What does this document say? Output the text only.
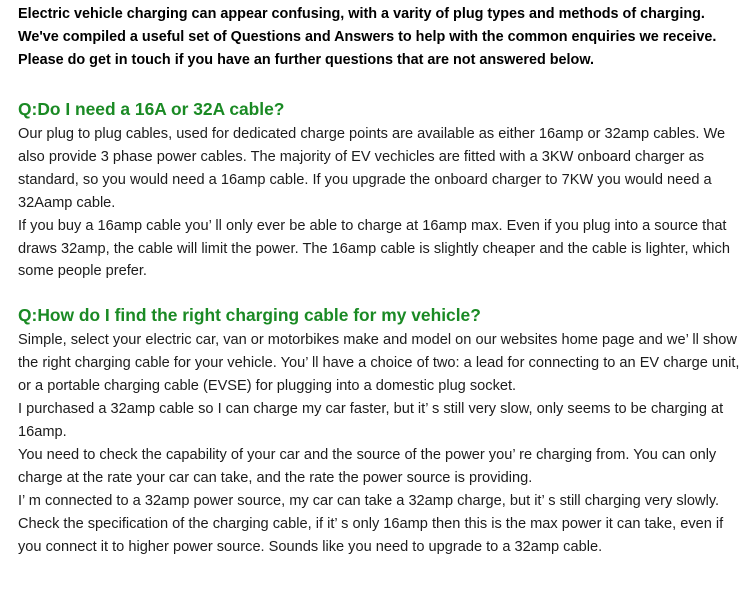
Electric vehicle charging can appear confusing, with a varity of plug types and methods of charging.

We've compiled a useful set of Questions and Answers to help with the common enquiries we receive.

Please do get in touch if you have an further questions that are not answered below.

Q:Do I need a 16A or 32A cable?

Our plug to plug cables, used for dedicated charge points are available as either 16amp or 32amp cables. We also provide 3 phase power cables. The majority of EV vechicles are fitted with a 3KW onboard charger as standard, so you would need a 16amp cable. If you upgrade the onboard charger to 7KW you would need a 32Aamp cable.

If you buy a 16amp cable you’ ll only ever be able to charge at 16amp max. Even if you plug into a source that draws 32amp, the cable will limit the power. The 16amp cable is slightly cheaper and the cable is lighter, which some people prefer.

Q:How do I find the right charging cable for my vehicle?

Simple, select your electric car, van or motorbikes make and model on our websites home page and we’ ll show the right charging cable for your vehicle. You’ ll have a choice of two: a lead for connecting to an EV charge unit, or a portable charging cable (EVSE) for plugging into a domestic plug socket.

I purchased a 32amp cable so I can charge my car faster, but it’ s still very slow, only seems to be charging at 16amp.

You need to check the capability of your car and the source of the power you’ re charging from. You can only charge at the rate your car can take, and the rate the power source is providing.

I’ m connected to a 32amp power source, my car can take a 32amp charge, but it’ s still charging very slowly.

Check the specification of the charging cable, if it’ s only 16amp then this is the max power it can take, even if you connect it to higher power source. Sounds like you need to upgrade to a 32amp cable.
